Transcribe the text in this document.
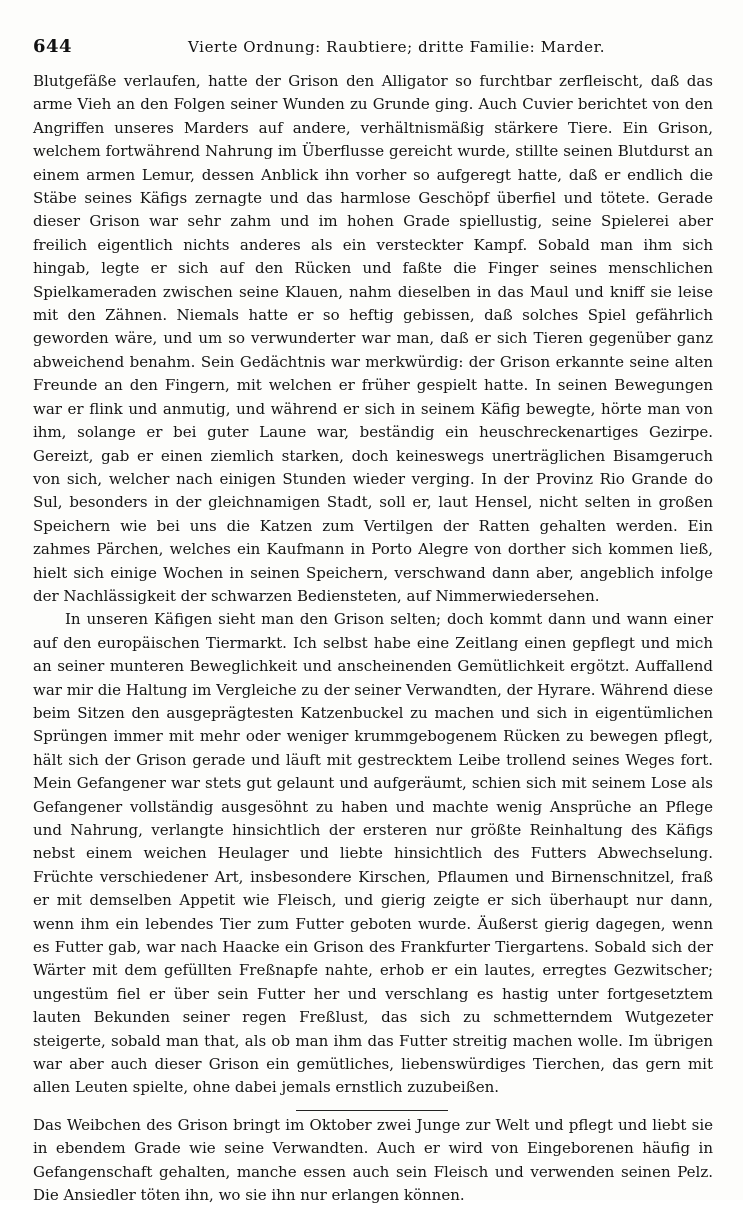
644	Vierte Ordnung: Raubtiere; dritte Familie: Marder.

Blutgefäße verlaufen, hatte der Grison den Alligator so furchtbar zerfleischt, daß das arme Vieh an den Folgen seiner Wunden zu Grunde ging. Auch Cuvier berichtet von den Angriffen unseres Marders auf andere, verhältnismäßig stärkere Tiere. Ein Grison, welchem fortwährend Nahrung im Überflusse gereicht wurde, stillte seinen Blutdurst an einem armen Lemur, dessen Anblick ihn vorher so aufgeregt hatte, daß er endlich die Stäbe seines Käfigs zernagte und das harmlose Geschöpf überfiel und tötete. Gerade dieser Grison war sehr zahm und im hohen Grade spiellustig, seine Spielerei aber freilich eigentlich nichts anderes als ein versteckter Kampf. Sobald man ihm sich hingab, legte er sich auf den Rücken und faßte die Finger seines menschlichen Spielkameraden zwischen seine Klauen, nahm dieselben in das Maul und kniff sie leise mit den Zähnen. Niemals hatte er so heftig gebissen, daß solches Spiel gefährlich geworden wäre, und um so verwunderter war man, daß er sich Tieren gegenüber ganz abweichend benahm. Sein Gedächtnis war merkwürdig: der Grison erkannte seine alten Freunde an den Fingern, mit welchen er früher gespielt hatte. In seinen Bewegungen war er flink und anmutig, und während er sich in seinem Käfig bewegte, hörte man von ihm, solange er bei guter Laune war, beständig ein heuschreckenartiges Gezirpe. Gereizt, gab er einen ziemlich starken, doch keineswegs unerträglichen Bisamgeruch von sich, welcher nach einigen Stunden wieder verging. In der Provinz Rio Grande do Sul, besonders in der gleichnamigen Stadt, soll er, laut Hensel, nicht selten in großen Speichern wie bei uns die Katzen zum Vertilgen der Ratten gehalten werden. Ein zahmes Pärchen, welches ein Kaufmann in Porto Alegre von dorther sich kommen ließ, hielt sich einige Wochen in seinen Speichern, verschwand dann aber, angeblich infolge der Nachlässigkeit der schwarzen Bediensteten, auf Nimmerwiedersehen.

In unseren Käfigen sieht man den Grison selten; doch kommt dann und wann einer auf den europäischen Tiermarkt. Ich selbst habe eine Zeitlang einen gepflegt und mich an seiner munteren Beweglichkeit und anscheinenden Gemütlichkeit ergötzt. Auffallend war mir die Haltung im Vergleiche zu der seiner Verwandten, der Hyrare. Während diese beim Sitzen den ausgeprägtesten Katzenbuckel zu machen und sich in eigentümlichen Sprüngen immer mit mehr oder weniger krummgebogenem Rücken zu bewegen pflegt, hält sich der Grison gerade und läuft mit gestrecktem Leibe trollend seines Weges fort. Mein Gefangener war stets gut gelaunt und aufgeräumt, schien sich mit seinem Lose als Gefangener vollständig ausgesöhnt zu haben und machte wenig Ansprüche an Pflege und Nahrung, verlangte hinsichtlich der ersteren nur größte Reinhaltung des Käfigs nebst einem weichen Heulager und liebte hinsichtlich des Futters Abwechselung. Früchte verschiedener Art, insbesondere Kirschen, Pflaumen und Birnenschnitzel, fraß er mit demselben Appetit wie Fleisch, und gierig zeigte er sich überhaupt nur dann, wenn ihm ein lebendes Tier zum Futter geboten wurde. Äußerst gierig dagegen, wenn es Futter gab, war nach Haacke ein Grison des Frankfurter Tiergartens. Sobald sich der Wärter mit dem gefüllten Freßnapfe nahte, erhob er ein lautes, erregtes Gezwitscher; ungestüm fiel er über sein Futter her und verschlang es hastig unter fortgesetztem lauten Bekunden seiner regen Freßlust, das sich zu schmetterndem Wutgezeter steigerte, sobald man that, als ob man ihm das Futter streitig machen wolle. Im übrigen war aber auch dieser Grison ein gemütliches, liebenswürdiges Tierchen, das gern mit allen Leuten spielte, ohne dabei jemals ernstlich zuzubeißen.

Das Weibchen des Grison bringt im Oktober zwei Junge zur Welt und pflegt und liebt sie in ebendem Grade wie seine Verwandten. Auch er wird von Eingeborenen häufig in Gefangenschaft gehalten, manche essen auch sein Fleisch und verwenden seinen Pelz. Die Ansiedler töten ihn, wo sie ihn nur erlangen können.
